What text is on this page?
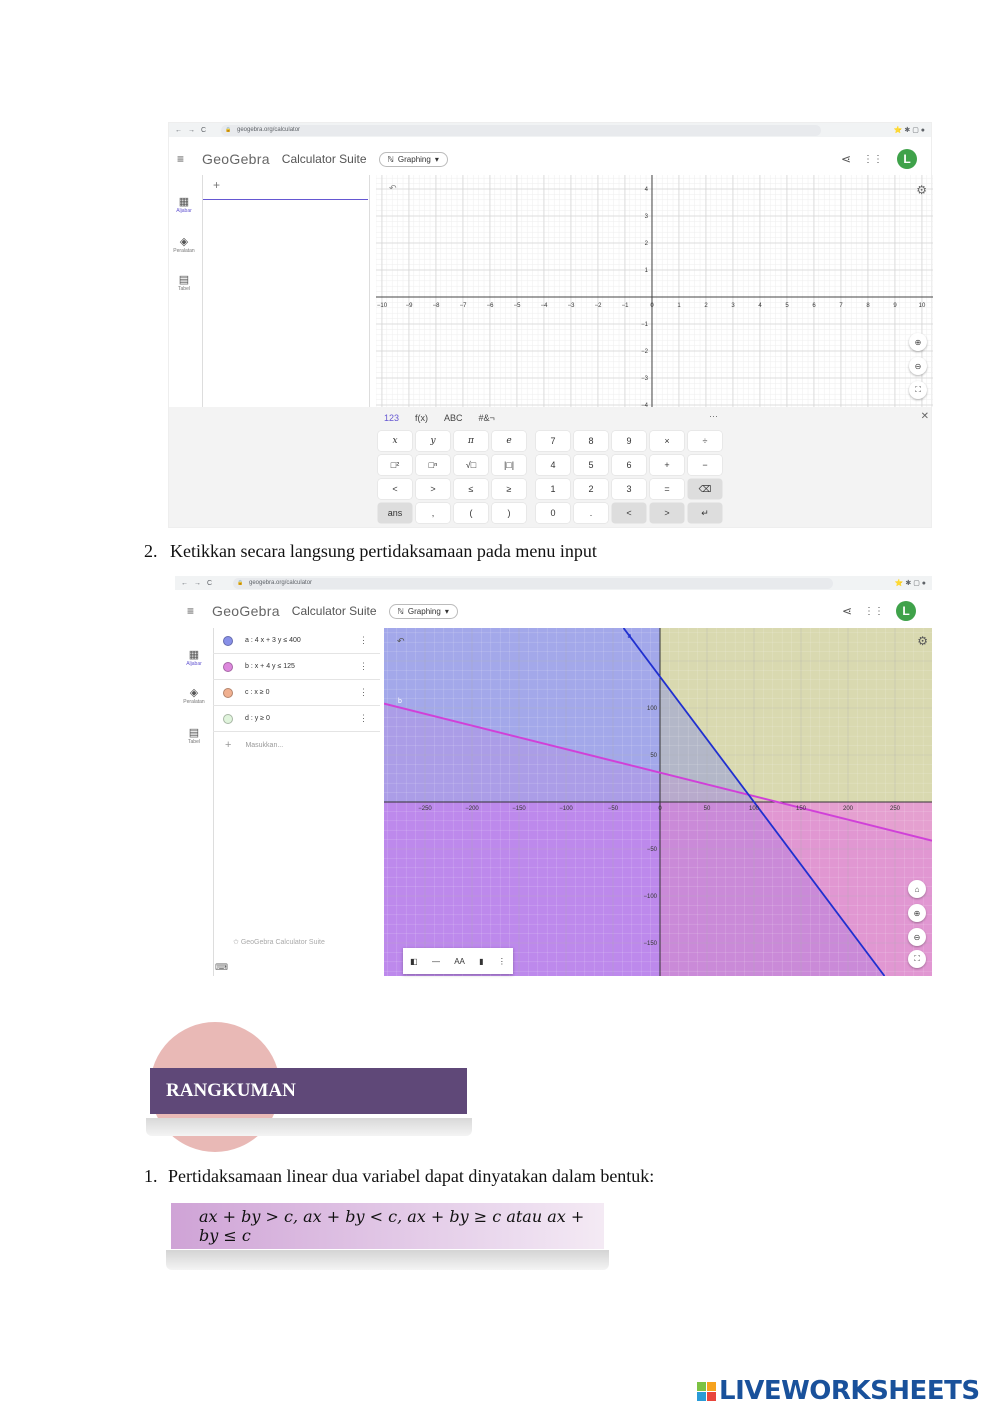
← → C	🔒 geogebra.org/calculator	⭐ ✱ ▢ ●
≡ GeoGebra Calculator Suite	ℕ Graphing ▾	⋖ ⋮⋮	L
▦
Aljabar
◈
Peralatan
▤
Tabel
+
−10	−9	−8	−7	−6	−5	−4	−3	−2	−1	0	1	2	3	4	5	6	7	8	9	10
4
3
2
1
−1
−2
−3
−4
↶	⚙
⊕
⊖
⛶
123 f(x) ABC #&¬	···	✕
x	y	π	e	7	8	9	×	÷
□²	□ⁿ	√□	|□|	4	5	6	+	−
<	>	≤	≥	1	2	3	=	⌫
ans	,	(	)	0	.	<	>	↵
2. Ketikkan secara langsung pertidaksamaan pada menu input
← → C	🔒 geogebra.org/calculator	⭐ ✱ ▢ ●
≡ GeoGebra Calculator Suite	ℕ Graphing ▾	⋖ ⋮⋮	L
▦
Aljabar
◈
Peralatan
▤
Tabel
a : 4 x + 3 y ≤ 400	⋮
b : x + 4 y ≤ 125	⋮
c : x ≥ 0	⋮
d : y ≥ 0	⋮
+ Masukkan...
✩ GeoGebra Calculator Suite
⌨
−250	−200	−150	−100	−50	0	50	100	150	200	250
100
50
−50
−100
−150
a
b
↶	⚙
⌂
⊕
⊖
⛶
◧ — AA ▮ ⋮
RANGKUMAN
1. Pertidaksamaan linear dua variabel dapat dinyatakan dalam bentuk:
ax + by > c, ax + by < c, ax + by ≥ c atau ax + by ≤ c
LIVEWORKSHEETS
